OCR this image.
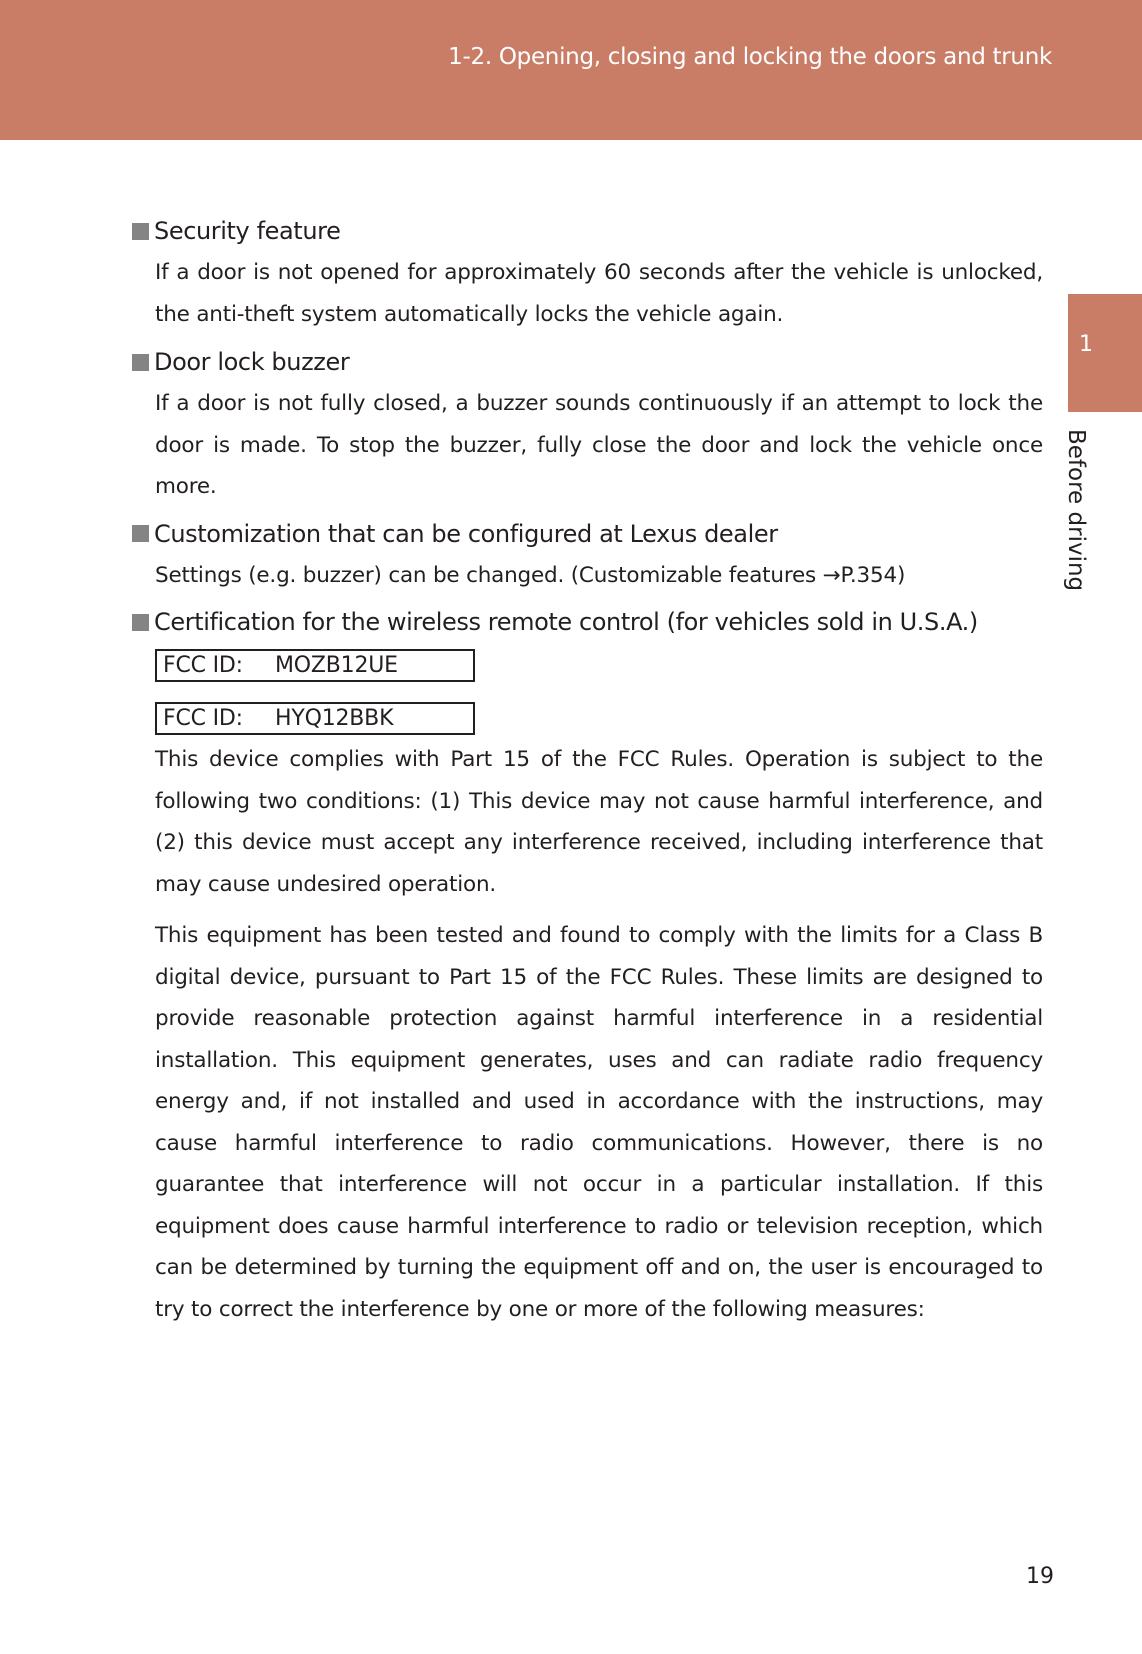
1-2. Opening, closing and locking the doors and trunk
1
Before driving
Security feature

If a door is not opened for approximately 60 seconds after the vehicle is unlocked, the anti-theft system automatically locks the vehicle again.

Door lock buzzer

If a door is not fully closed, a buzzer sounds continuously if an attempt to lock the door is made. To stop the buzzer, fully close the door and lock the vehicle once more.

Customization that can be configured at Lexus dealer

Settings (e.g. buzzer) can be changed. (Customizable features →P.354)

Certification for the wireless remote control (for vehicles sold in U.S.A.)
FCC ID: MOZB12UE
FCC ID: HYQ12BBK

This device complies with Part 15 of the FCC Rules. Operation is subject to the following two conditions: (1) This device may not cause harmful interference, and (2) this device must accept any interference received, including interference that may cause undesired operation.

This equipment has been tested and found to comply with the limits for a Class B digital device, pursuant to Part 15 of the FCC Rules. These limits are designed to provide reasonable protection against harmful interference in a residential installation. This equipment generates, uses and can radiate radio frequency energy and, if not installed and used in accordance with the instructions, may cause harmful interference to radio communications. However, there is no guarantee that interference will not occur in a particular installation. If this equipment does cause harmful interference to radio or television reception, which can be determined by turning the equipment off and on, the user is encouraged to try to correct the interference by one or more of the following measures:

19
